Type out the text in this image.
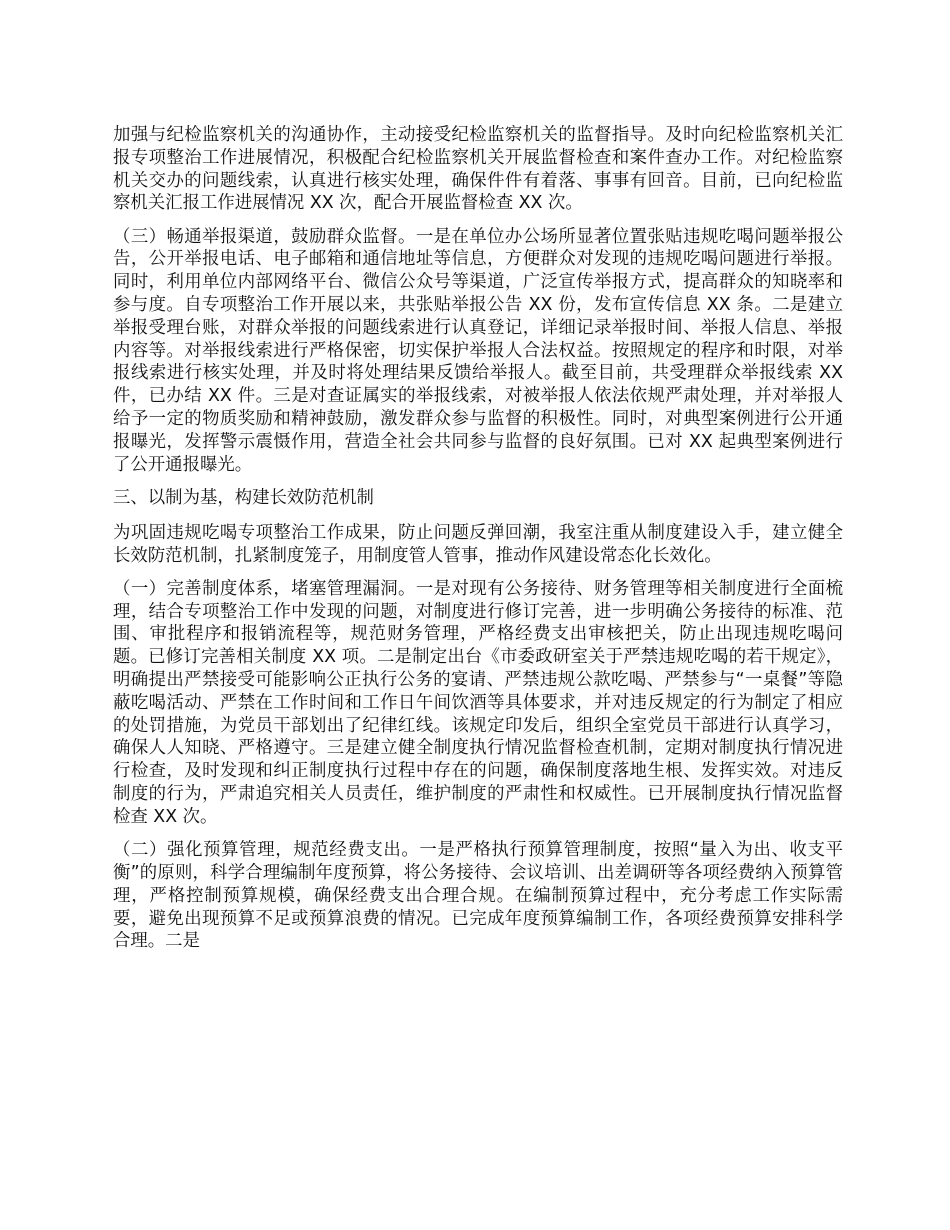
加强与纪检监察机关的沟通协作，主动接受纪检监察机关的监督指导。及时向纪检监察机关汇报专项整治工作进展情况，积极配合纪检监察机关开展监督检查和案件查办工作。对纪检监察机关交办的问题线索，认真进行核实处理，确保件件有着落、事事有回音。目前，已向纪检监察机关汇报工作进展情况 XX 次，配合开展监督检查 XX 次。

（三）畅通举报渠道，鼓励群众监督。一是在单位办公场所显著位置张贴违规吃喝问题举报公告，公开举报电话、电子邮箱和通信地址等信息，方便群众对发现的违规吃喝问题进行举报。同时，利用单位内部网络平台、微信公众号等渠道，广泛宣传举报方式，提高群众的知晓率和参与度。自专项整治工作开展以来，共张贴举报公告 XX 份，发布宣传信息 XX 条。二是建立举报受理台账，对群众举报的问题线索进行认真登记，详细记录举报时间、举报人信息、举报内容等。对举报线索进行严格保密，切实保护举报人合法权益。按照规定的程序和时限，对举报线索进行核实处理，并及时将处理结果反馈给举报人。截至目前，共受理群众举报线索 XX 件，已办结 XX 件。三是对查证属实的举报线索，对被举报人依法依规严肃处理，并对举报人给予一定的物质奖励和精神鼓励，激发群众参与监督的积极性。同时，对典型案例进行公开通报曝光，发挥警示震慑作用，营造全社会共同参与监督的良好氛围。已对 XX 起典型案例进行了公开通报曝光。

三、以制为基，构建长效防范机制

为巩固违规吃喝专项整治工作成果，防止问题反弹回潮，我室注重从制度建设入手，建立健全长效防范机制，扎紧制度笼子，用制度管人管事，推动作风建设常态化长效化。

（一）完善制度体系，堵塞管理漏洞。一是对现有公务接待、财务管理等相关制度进行全面梳理，结合专项整治工作中发现的问题，对制度进行修订完善，进一步明确公务接待的标准、范围、审批程序和报销流程等，规范财务管理，严格经费支出审核把关，防止出现违规吃喝问题。已修订完善相关制度 XX 项。二是制定出台《市委政研室关于严禁违规吃喝的若干规定》，明确提出严禁接受可能影响公正执行公务的宴请、严禁违规公款吃喝、严禁参与“一桌餐”等隐蔽吃喝活动、严禁在工作时间和工作日午间饮酒等具体要求，并对违反规定的行为制定了相应的处罚措施，为党员干部划出了纪律红线。该规定印发后，组织全室党员干部进行认真学习，确保人人知晓、严格遵守。三是建立健全制度执行情况监督检查机制，定期对制度执行情况进行检查，及时发现和纠正制度执行过程中存在的问题，确保制度落地生根、发挥实效。对违反制度的行为，严肃追究相关人员责任，维护制度的严肃性和权威性。已开展制度执行情况监督检查 XX 次。

（二）强化预算管理，规范经费支出。一是严格执行预算管理制度，按照“量入为出、收支平衡”的原则，科学合理编制年度预算，将公务接待、会议培训、出差调研等各项经费纳入预算管理，严格控制预算规模，确保经费支出合理合规。在编制预算过程中，充分考虑工作实际需要，避免出现预算不足或预算浪费的情况。已完成年度预算编制工作，各项经费预算安排科学合理。二是
